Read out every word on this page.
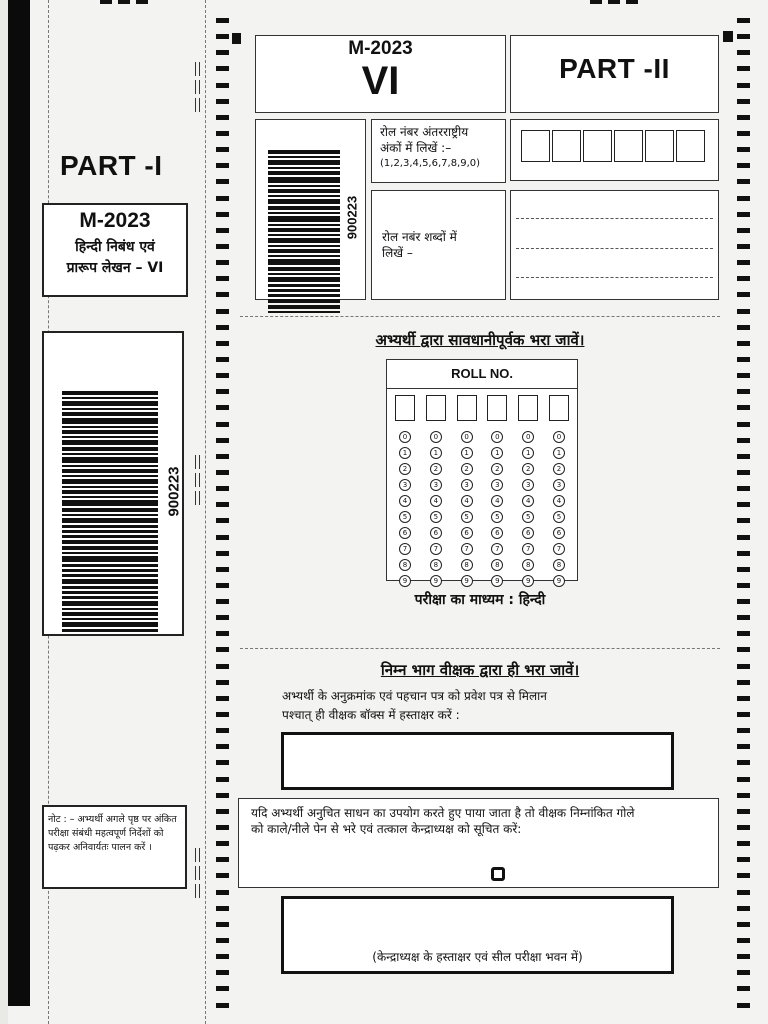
PART -I
M-2023
हिन्दी निबंध एवं
प्रारूप लेखन – VI
900223
नोट : – अभ्यर्थी अगले पृष्ठ पर अंकित परीक्षा संबंधी महत्वपूर्ण निर्देशों को पढ़कर अनिवार्यतः पालन करें ।
M-2023
VI	PART -II
900223
रोल नंबर अंतरराष्ट्रीय
अंकों में लिखें :–
(1,2,3,4,5,6,7,8,9,0)
रोल नबंर शब्दों में
लिखें –
अभ्यर्थी द्वारा सावधानीपूर्वक भरा जावें।
ROLL NO.
0
1
2
3
4
5
6
7
8
9
0
1
2
3
4
5
6
7
8
9
0
1
2
3
4
5
6
7
8
9
0
1
2
3
4
5
6
7
8
9
0
1
2
3
4
5
6
7
8
9
0
1
2
3
4
5
6
7
8
9
परीक्षा का माध्यम : हिन्दी
निम्न भाग वीक्षक द्वारा ही भरा जावें।
अभ्यर्थी के अनुक्रमांक एवं पहचान पत्र को प्रवेश पत्र से मिलान
पश्चात् ही वीक्षक बॉक्स में हस्ताक्षर करें :
यदि अभ्यर्थी अनुचित साधन का उपयोग करते हुए पाया जाता है तो वीक्षक निम्नांकित गोले
को काले/नीले पेन से भरे एवं तत्काल केन्द्राध्यक्ष को सूचित करें:
(केन्द्राध्यक्ष के हस्ताक्षर एवं सील परीक्षा भवन में)
